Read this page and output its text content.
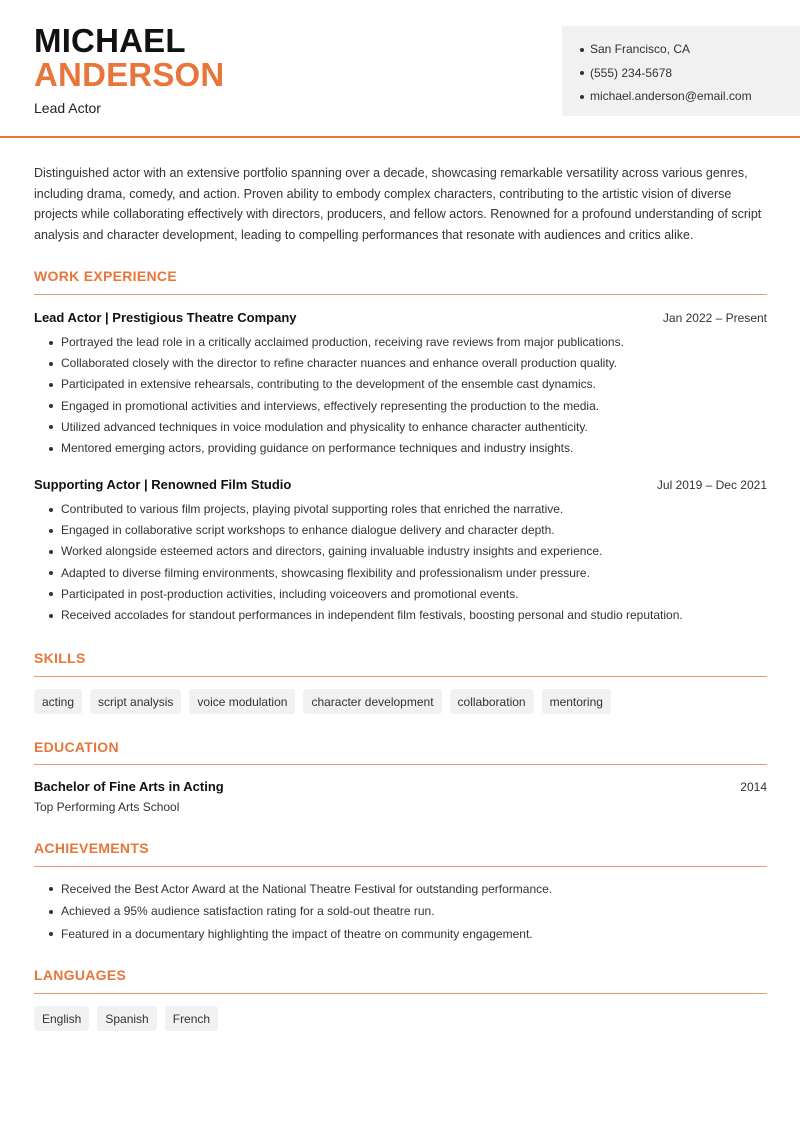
MICHAEL
ANDERSON
Lead Actor
San Francisco, CA
(555) 234-5678
michael.anderson@email.com

Distinguished actor with an extensive portfolio spanning over a decade, showcasing remarkable versatility across various genres, including drama, comedy, and action. Proven ability to embody complex characters, contributing to the artistic vision of diverse projects while collaborating effectively with directors, producers, and fellow actors. Renowned for a profound understanding of script analysis and character development, leading to compelling performances that resonate with audiences and critics alike.

WORK EXPERIENCE
Lead Actor | Prestigious Theatre Company	Jan 2022 – Present
Portrayed the lead role in a critically acclaimed production, receiving rave reviews from major publications.
Collaborated closely with the director to refine character nuances and enhance overall production quality.
Participated in extensive rehearsals, contributing to the development of the ensemble cast dynamics.
Engaged in promotional activities and interviews, effectively representing the production to the media.
Utilized advanced techniques in voice modulation and physicality to enhance character authenticity.
Mentored emerging actors, providing guidance on performance techniques and industry insights.
Supporting Actor | Renowned Film Studio	Jul 2019 – Dec 2021
Contributed to various film projects, playing pivotal supporting roles that enriched the narrative.
Engaged in collaborative script workshops to enhance dialogue delivery and character depth.
Worked alongside esteemed actors and directors, gaining invaluable industry insights and experience.
Adapted to diverse filming environments, showcasing flexibility and professionalism under pressure.
Participated in post-production activities, including voiceovers and promotional events.
Received accolades for standout performances in independent film festivals, boosting personal and studio reputation.
SKILLS
acting	script analysis	voice modulation	character development	collaboration	mentoring
EDUCATION
Bachelor of Fine Arts in Acting	2014
Top Performing Arts School
ACHIEVEMENTS
Received the Best Actor Award at the National Theatre Festival for outstanding performance.
Achieved a 95% audience satisfaction rating for a sold-out theatre run.
Featured in a documentary highlighting the impact of theatre on community engagement.
LANGUAGES
English	Spanish	French
